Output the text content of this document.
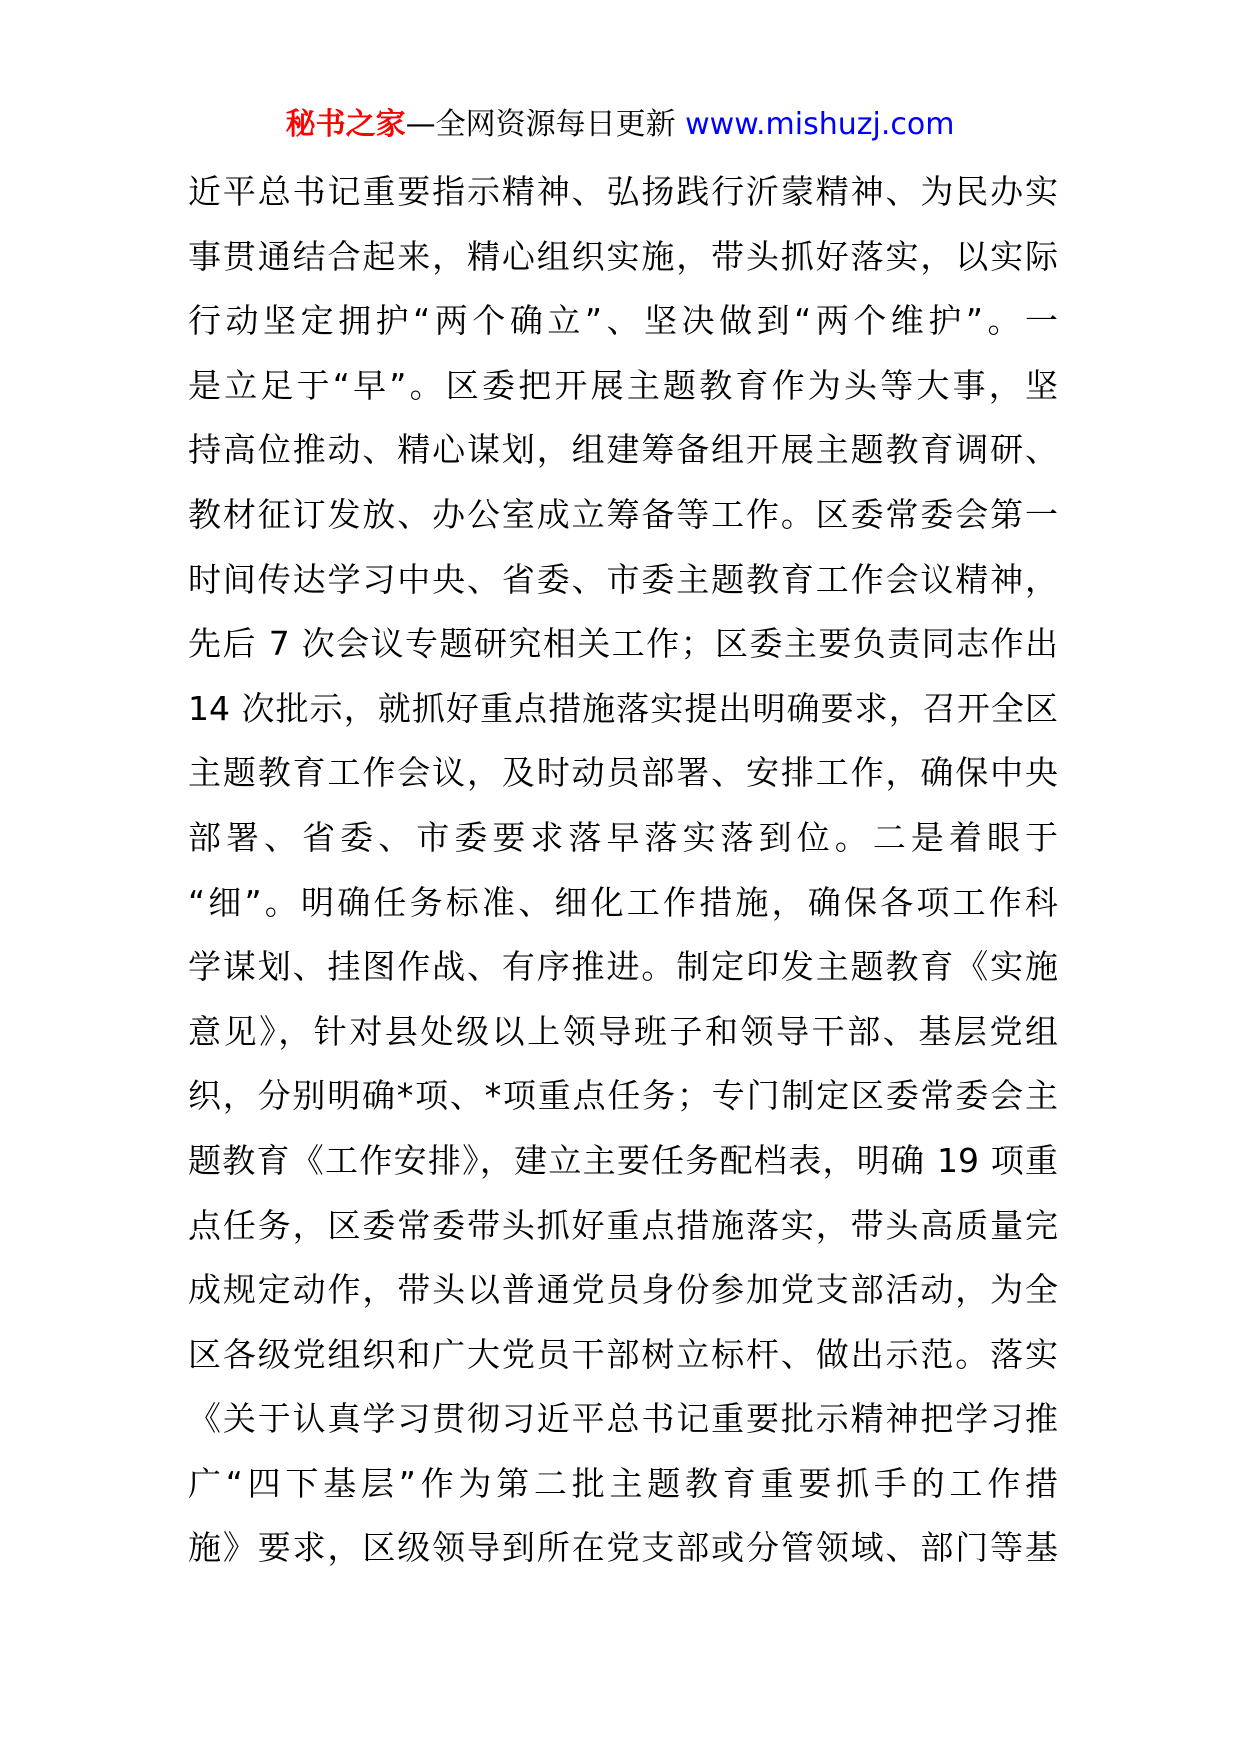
秘书之家—全网资源每日更新 www.mishuzj.com
近平总书记重要指示精神、弘扬践行沂蒙精神、为民办实
事贯通结合起来，精心组织实施，带头抓好落实，以实际
行动坚定拥护“两个确立”、坚决做到“两个维护”。一
是立足于“早”。区委把开展主题教育作为头等大事，坚
持高位推动、精心谋划，组建筹备组开展主题教育调研、
教材征订发放、办公室成立筹备等工作。区委常委会第一
时间传达学习中央、省委、市委主题教育工作会议精神，
先后 7 次会议专题研究相关工作；区委主要负责同志作出
14 次批示，就抓好重点措施落实提出明确要求，召开全区
主题教育工作会议，及时动员部署、安排工作，确保中央
部署、省委、市委要求落早落实落到位。二是着眼于
“细”。明确任务标准、细化工作措施，确保各项工作科
学谋划、挂图作战、有序推进。制定印发主题教育《实施
意见》，针对县处级以上领导班子和领导干部、基层党组
织，分别明确*项、*项重点任务；专门制定区委常委会主
题教育《工作安排》，建立主要任务配档表，明确 19 项重
点任务，区委常委带头抓好重点措施落实，带头高质量完
成规定动作，带头以普通党员身份参加党支部活动，为全
区各级党组织和广大党员干部树立标杆、做出示范。落实
《关于认真学习贯彻习近平总书记重要批示精神把学习推
广“四下基层”作为第二批主题教育重要抓手的工作措
施》要求，区级领导到所在党支部或分管领域、部门等基
